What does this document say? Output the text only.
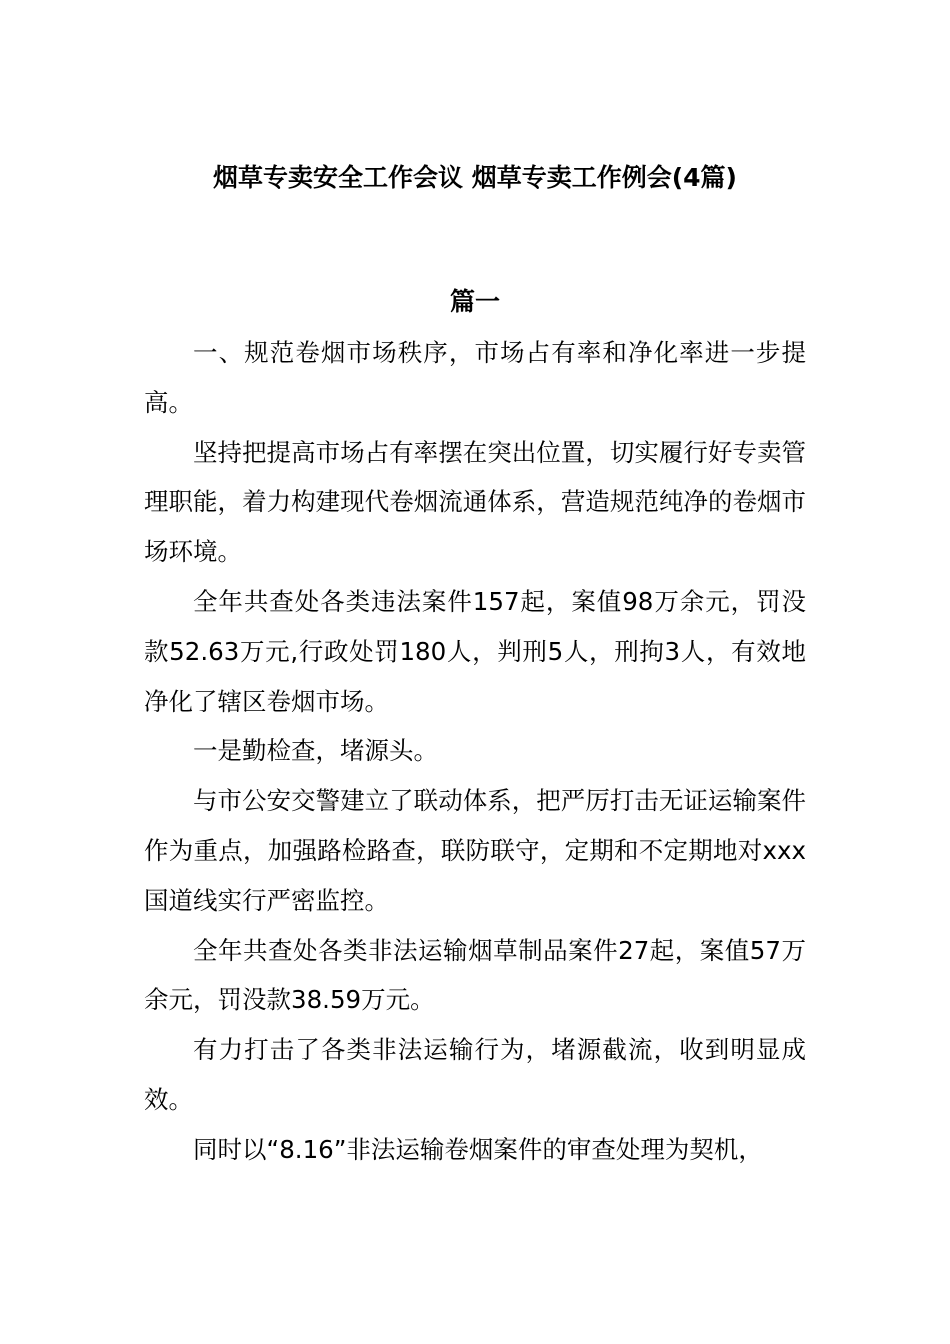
烟草专卖安全工作会议 烟草专卖工作例会(4篇)
篇一

一、规范卷烟市场秩序，市场占有率和净化率进一步提高。

坚持把提高市场占有率摆在突出位置，切实履行好专卖管理职能，着力构建现代卷烟流通体系，营造规范纯净的卷烟市场环境。

全年共查处各类违法案件157起，案值98万余元，罚没款52.63万元,行政处罚180人，判刑5人，刑拘3人，有效地净化了辖区卷烟市场。

一是勤检查，堵源头。

与市公安交警建立了联动体系，把严厉打击无证运输案件作为重点，加强路检路查，联防联守，定期和不定期地对xxx国道线实行严密监控。

全年共查处各类非法运输烟草制品案件27起，案值57万余元，罚没款38.59万元。

有力打击了各类非法运输行为，堵源截流，收到明显成效。

同时以“8.16”非法运输卷烟案件的审查处理为契机，
